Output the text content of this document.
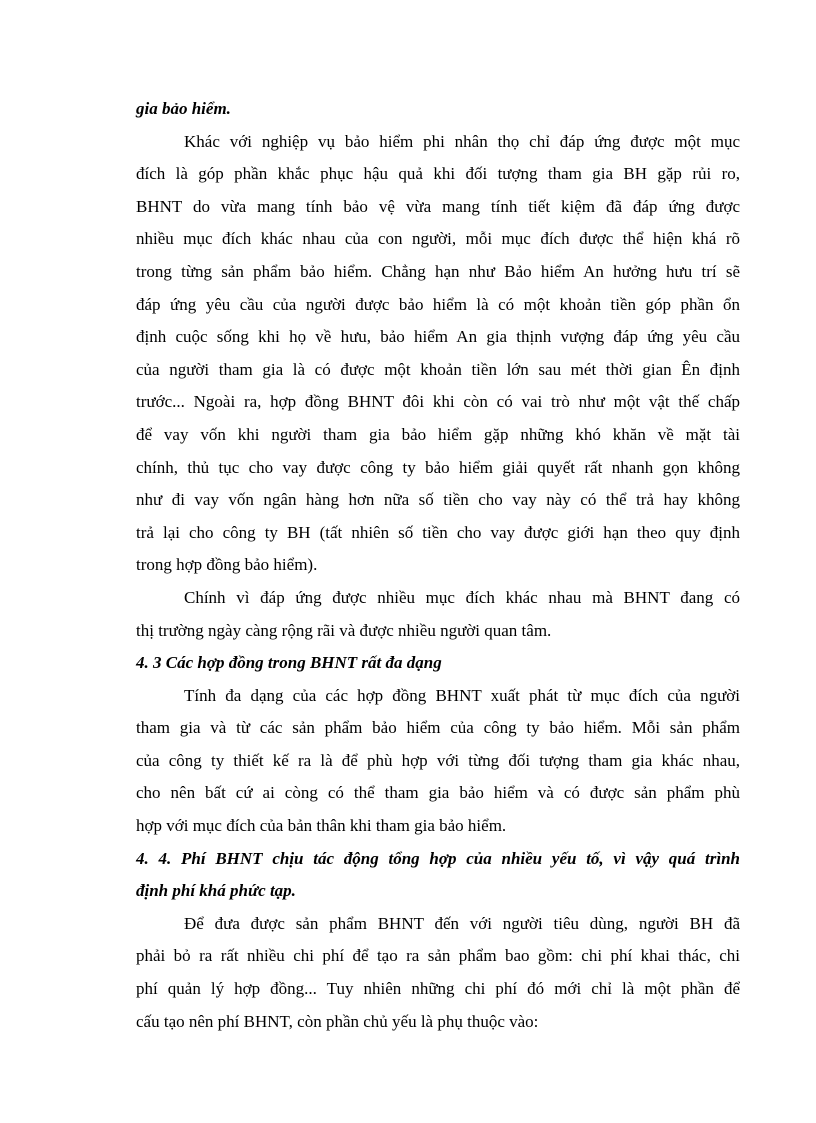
gia bảo hiểm.
Khác với nghiệp vụ bảo hiểm phi nhân thọ chỉ đáp ứng được một mục
đích là góp phần khắc phục hậu quả khi đối tượng tham gia BH gặp rủi ro,
BHNT do vừa mang tính bảo vệ vừa mang tính tiết kiệm đã đáp ứng được
nhiều mục đích khác nhau của con người, mỗi mục đích được thể hiện khá rõ
trong từng sản phẩm bảo hiểm. Chẳng hạn như Bảo hiểm An hưởng hưu trí sẽ
đáp ứng yêu cầu của người được bảo hiểm là có một khoản tiền góp phần ổn
định cuộc sống khi họ về hưu, bảo hiểm An gia thịnh vượng đáp ứng yêu cầu
của người tham gia là có được một khoản tiền lớn sau mét thời gian Ên định
trước... Ngoài ra, hợp đồng BHNT đôi khi còn có vai trò như một vật thế chấp
để vay vốn khi người tham gia bảo hiểm gặp những khó khăn về mặt tài
chính, thủ tục cho vay được công ty bảo hiểm giải quyết rất nhanh gọn không
như đi vay vốn ngân hàng hơn nữa số tiền cho vay này có thể trả hay không
trả lại cho công ty BH (tất nhiên số tiền cho vay được giới hạn theo quy định
trong hợp đồng bảo hiểm).
Chính vì đáp ứng được nhiều mục đích khác nhau mà BHNT đang có
thị trường ngày càng rộng rãi và được nhiều người quan tâm.
4. 3 Các hợp đồng trong BHNT rất đa dạng
Tính đa dạng của các hợp đồng BHNT xuất phát từ mục đích của người
tham gia và từ các sản phẩm bảo hiểm của công ty bảo hiểm. Mỗi sản phẩm
của công ty thiết kế ra là để phù hợp với từng đối tượng tham gia khác nhau,
cho nên bất cứ ai còng có thể tham gia bảo hiểm và có được sản phẩm phù
hợp với mục đích của bản thân khi tham gia bảo hiểm.
4. 4. Phí BHNT chịu tác động tổng hợp của nhiều yếu tố, vì vậy quá trình
định phí khá phức tạp.
Để đưa được sản phẩm BHNT đến với người tiêu dùng, người BH đã
phải bỏ ra rất nhiều chi phí để tạo ra sản phẩm bao gồm: chi phí khai thác, chi
phí quản lý hợp đồng... Tuy nhiên những chi phí đó mới chỉ là một phần để
cấu tạo nên phí BHNT, còn phần chủ yếu là phụ thuộc vào:
